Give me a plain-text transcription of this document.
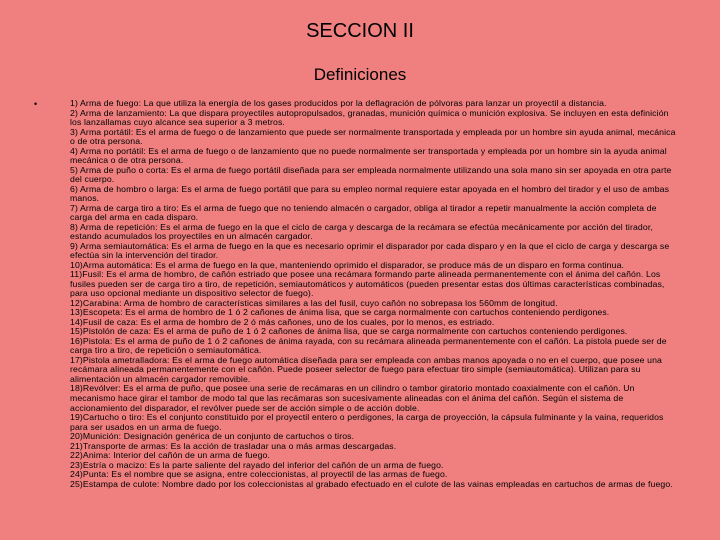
SECCION II
Definiciones
•	1) Arma de fuego: La que utiliza la energía de los gases producidos por la deflagración de pólvoras para lanzar un proyectil a distancia.
2) Arma de lanzamiento: La que dispara proyectiles autopropulsados, granadas, munición química o munición explosiva. Se incluyen en esta definición los lanzallamas cuyo alcance sea superior a 3 metros.
3) Arma portátil: Es el arma de fuego o de lanzamiento que puede ser normalmente transportada y empleada por un hombre sin ayuda animal, mecánica o de otra persona.
4) Arma no portátil: Es el arma de fuego o de lanzamiento que no puede normalmente ser transportada y empleada por un hombre sin la ayuda animal mecánica o de otra persona.
5) Arma de puño o corta: Es el arma de fuego portátil diseñada para ser empleada normalmente utilizando una sola mano sin ser apoyada en otra parte del cuerpo.
6) Arma de hombro o larga: Es el arma de fuego portátil que para su empleo normal requiere estar apoyada en el hombro del tirador y el uso de ambas manos.
7) Arma de carga tiro a tiro: Es el arma de fuego que no teniendo almacén o cargador, obliga al tirador a repetir manualmente la acción completa de carga del arma en cada disparo.
8) Arma de repetición: Es el arma de fuego en la que el ciclo de carga y descarga de la recámara se efectúa mecánicamente por acción del tirador, estando acumulados los proyectiles en un almacén cargador.
9) Arma semiautomática: Es el arma de fuego en la que es necesario oprimir el disparador por cada disparo y en la que el ciclo de carga y descarga se efectúa sin la intervención del tirador.
10)Arma automática: Es el arma de fuego en la que, manteniendo oprimido el disparador, se produce más de un disparo en forma continua.
11)Fusil: Es el arma de hombro, de cañón estriado que posee una recámara formando parte alineada permanentemente con el ánima del cañón. Los fusiles pueden ser de carga tiro a tiro, de repetición, semiautomáticos y automáticos (pueden presentar estas dos últimas características combinadas, para uso opcional mediante un dispositivo selector de fuego).
12)Carabina: Arma de hombro de características similares a las del fusil, cuyo cañón no sobrepasa los 560mm de longitud.
13)Escopeta: Es el arma de hombro de 1 ó 2 cañones de ánima lisa, que se carga normalmente con cartuchos conteniendo perdigones.
14)Fusil de caza: Es el arma de hombro de 2 ó más cañones, uno de los cuales, por lo menos, es estriado.
15)Pistolón de caza: Es el arma de puño de 1 ó 2 cañones de ánima lisa, que se carga normalmente con cartuchos conteniendo perdigones.
16)Pistola: Es el arma de puño de 1 ó 2 cañones de ánima rayada, con su recámara alineada permanentemente con el cañón. La pistola puede ser de carga tiro a tiro, de repetición o semiautomática.
17)Pistola ametralladora: Es el arma de fuego automática diseñada para ser empleada con ambas manos apoyada o no en el cuerpo, que posee una recámara alineada permanentemente con el cañón. Puede poseer selector de fuego para efectuar tiro simple (semiautomática). Utilizan para su alimentación un almacén cargador removible.
18)Revólver: Es el arma de puño, que posee una serie de recámaras en un cilindro o tambor giratorio montado coaxialmente con el cañón. Un mecanismo hace girar el tambor de modo tal que las recámaras son sucesivamente alineadas con el ánima del cañón. Según el sistema de accionamiento del disparador, el revólver puede ser de acción simple o de acción doble.
19)Cartucho o tiro: Es el conjunto constituido por el proyectil entero o perdigones, la carga de proyección, la cápsula fulminante y la vaina, requeridos para ser usados en un arma de fuego.
20)Munición: Designación genérica de un conjunto de cartuchos o tiros.
21)Transporte de armas: Es la acción de trasladar una o más armas descargadas.
22)Anima: Interior del cañón de un arma de fuego.
23)Estría o macizo: Es la parte saliente del rayado del inferior del cañón de un arma de fuego.
24)Punta: Es el nombre que se asigna, entre coleccionistas, al proyectil de las armas de fuego.
25)Estampa de culote: Nombre dado por los coleccionistas al grabado efectuado en el culote de las vainas empleadas en cartuchos de armas de fuego.
